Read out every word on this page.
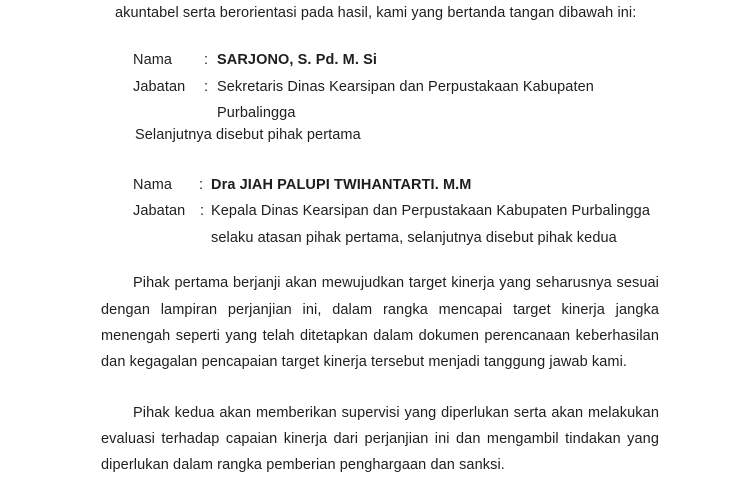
akuntabel serta berorientasi pada hasil, kami yang bertanda tangan dibawah ini:
Nama : SARJONO, S. Pd. M. Si
Jabatan : Sekretaris Dinas Kearsipan dan Perpustakaan Kabupaten
Purbalingga
Selanjutnya disebut pihak pertama
Nama : Dra JIAH PALUPI TWIHANTARTI. M.M
Jabatan : Kepala Dinas Kearsipan dan Perpustakaan Kabupaten Purbalingga
selaku atasan pihak pertama, selanjutnya disebut pihak kedua
Pihak pertama berjanji akan mewujudkan target kinerja yang seharusnya sesuai
dengan lampiran perjanjian ini, dalam rangka mencapai target kinerja jangka
menengah seperti yang telah ditetapkan dalam dokumen perencanaan keberhasilan
dan kegagalan pencapaian target kinerja tersebut menjadi tanggung jawab kami.
Pihak kedua akan memberikan supervisi yang diperlukan serta akan melakukan
evaluasi terhadap capaian kinerja dari perjanjian ini dan mengambil tindakan yang
diperlukan dalam rangka pemberian penghargaan dan sanksi.
